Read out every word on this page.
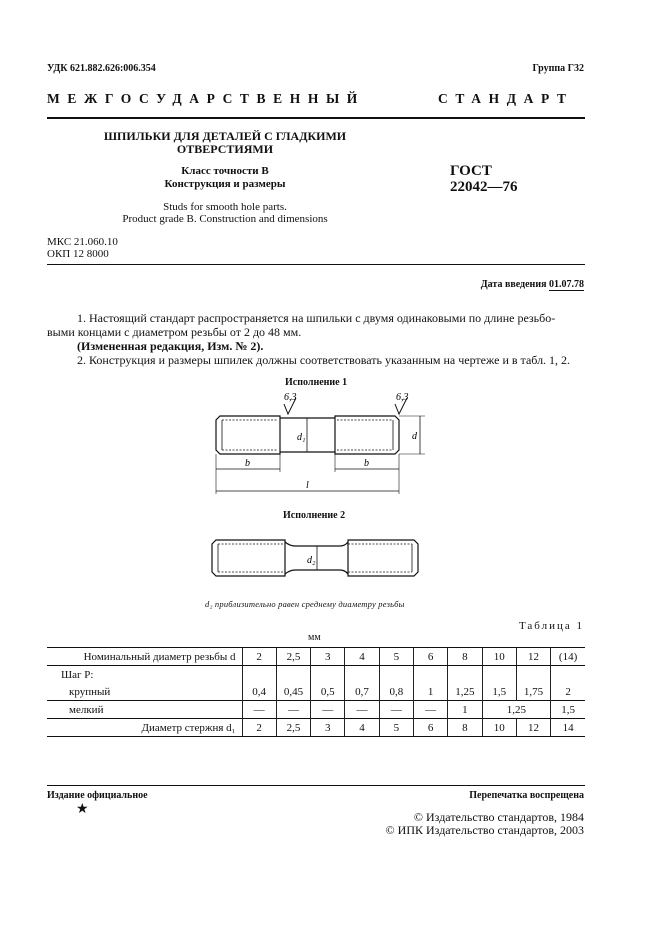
УДК 621.882.626:006.354	Группа Г32
МЕЖГОСУДАРСТВЕННЫЙ	СТАНДАРТ
ШПИЛЬКИ ДЛЯ ДЕТАЛЕЙ С ГЛАДКИМИ
ОТВЕРСТИЯМИ
Класс точности В
Конструкция и размеры
Studs for smooth hole parts.
Product grade B. Construction and dimensions
ГОСТ
22042—76
МКС 21.060.10
ОКП 12 8000
Дата введения 01.07.78
1. Настоящий стандарт распространяется на шпильки с двумя одинаковыми по длине резьбо-
выми концами с диаметром резьбы от 2 до 48 мм.
(Измененная редакция, Изм. № 2).
2. Конструкция и размеры шпилек должны соответствовать указанным на чертеже и в табл. 1, 2.
Исполнение 1
6,3	6,3
d₁	d
b	b
l
Исполнение 2
d₂
d₂ приблизительно равен среднему диаметру резьбы
Таблица 1
мм
Номинальный диаметр резьбы d	2	2,5	3	4	5	6	8	10	12	(14)
Шаг P:										
крупный	0,4	0,45	0,5	0,7	0,8	1	1,25	1,5	1,75	2
мелкий	—	—	—	—	—	—	1	1,25		1,5
Диаметр стержня d₁	2	2,5	3	4	5	6	8	10	12	14
Издание официальное	Перепечатка воспрещена
★	© Издательство стандартов, 1984
© ИПК Издательство стандартов, 2003
